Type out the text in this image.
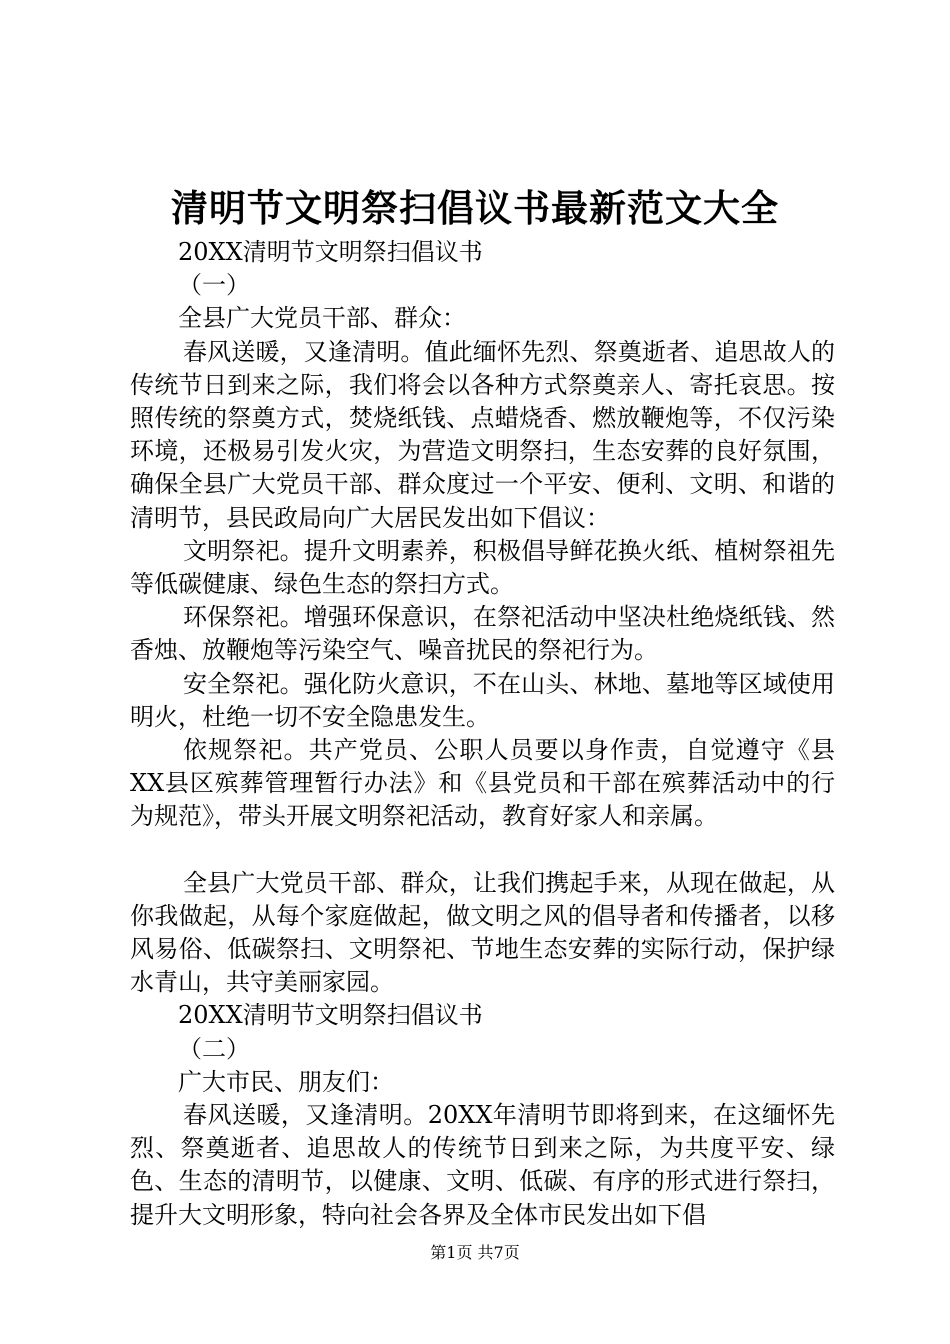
清明节文明祭扫倡议书最新范文大全

20XX清明节文明祭扫倡议书

（一）

全县广大党员干部、群众：

春风送暖，又逢清明。值此缅怀先烈、祭奠逝者、追思故人的传统节日到来之际，我们将会以各种方式祭奠亲人、寄托哀思。按照传统的祭奠方式，焚烧纸钱、点蜡烧香、燃放鞭炮等，不仅污染环境，还极易引发火灾，为营造文明祭扫，生态安葬的良好氛围，确保全县广大党员干部、群众度过一个平安、便利、文明、和谐的清明节，县民政局向广大居民发出如下倡议：

文明祭祀。提升文明素养，积极倡导鲜花换火纸、植树祭祖先等低碳健康、绿色生态的祭扫方式。

环保祭祀。增强环保意识，在祭祀活动中坚决杜绝烧纸钱、然香烛、放鞭炮等污染空气、噪音扰民的祭祀行为。

安全祭祀。强化防火意识，不在山头、林地、墓地等区域使用明火，杜绝一切不安全隐患发生。

依规祭祀。共产党员、公职人员要以身作责，自觉遵守《县XX县区殡葬管理暂行办法》和《县党员和干部在殡葬活动中的行为规范》，带头开展文明祭祀活动，教育好家人和亲属。

全县广大党员干部、群众，让我们携起手来，从现在做起，从你我做起，从每个家庭做起，做文明之风的倡导者和传播者，以移风易俗、低碳祭扫、文明祭祀、节地生态安葬的实际行动，保护绿水青山，共守美丽家园。

20XX清明节文明祭扫倡议书

（二）

广大市民、朋友们：

春风送暖，又逢清明。20XX年清明节即将到来，在这缅怀先烈、祭奠逝者、追思故人的传统节日到来之际，为共度平安、绿色、生态的清明节，以健康、文明、低碳、有序的形式进行祭扫，提升大文明形象，特向社会各界及全体市民发出如下倡

第1页 共7页
